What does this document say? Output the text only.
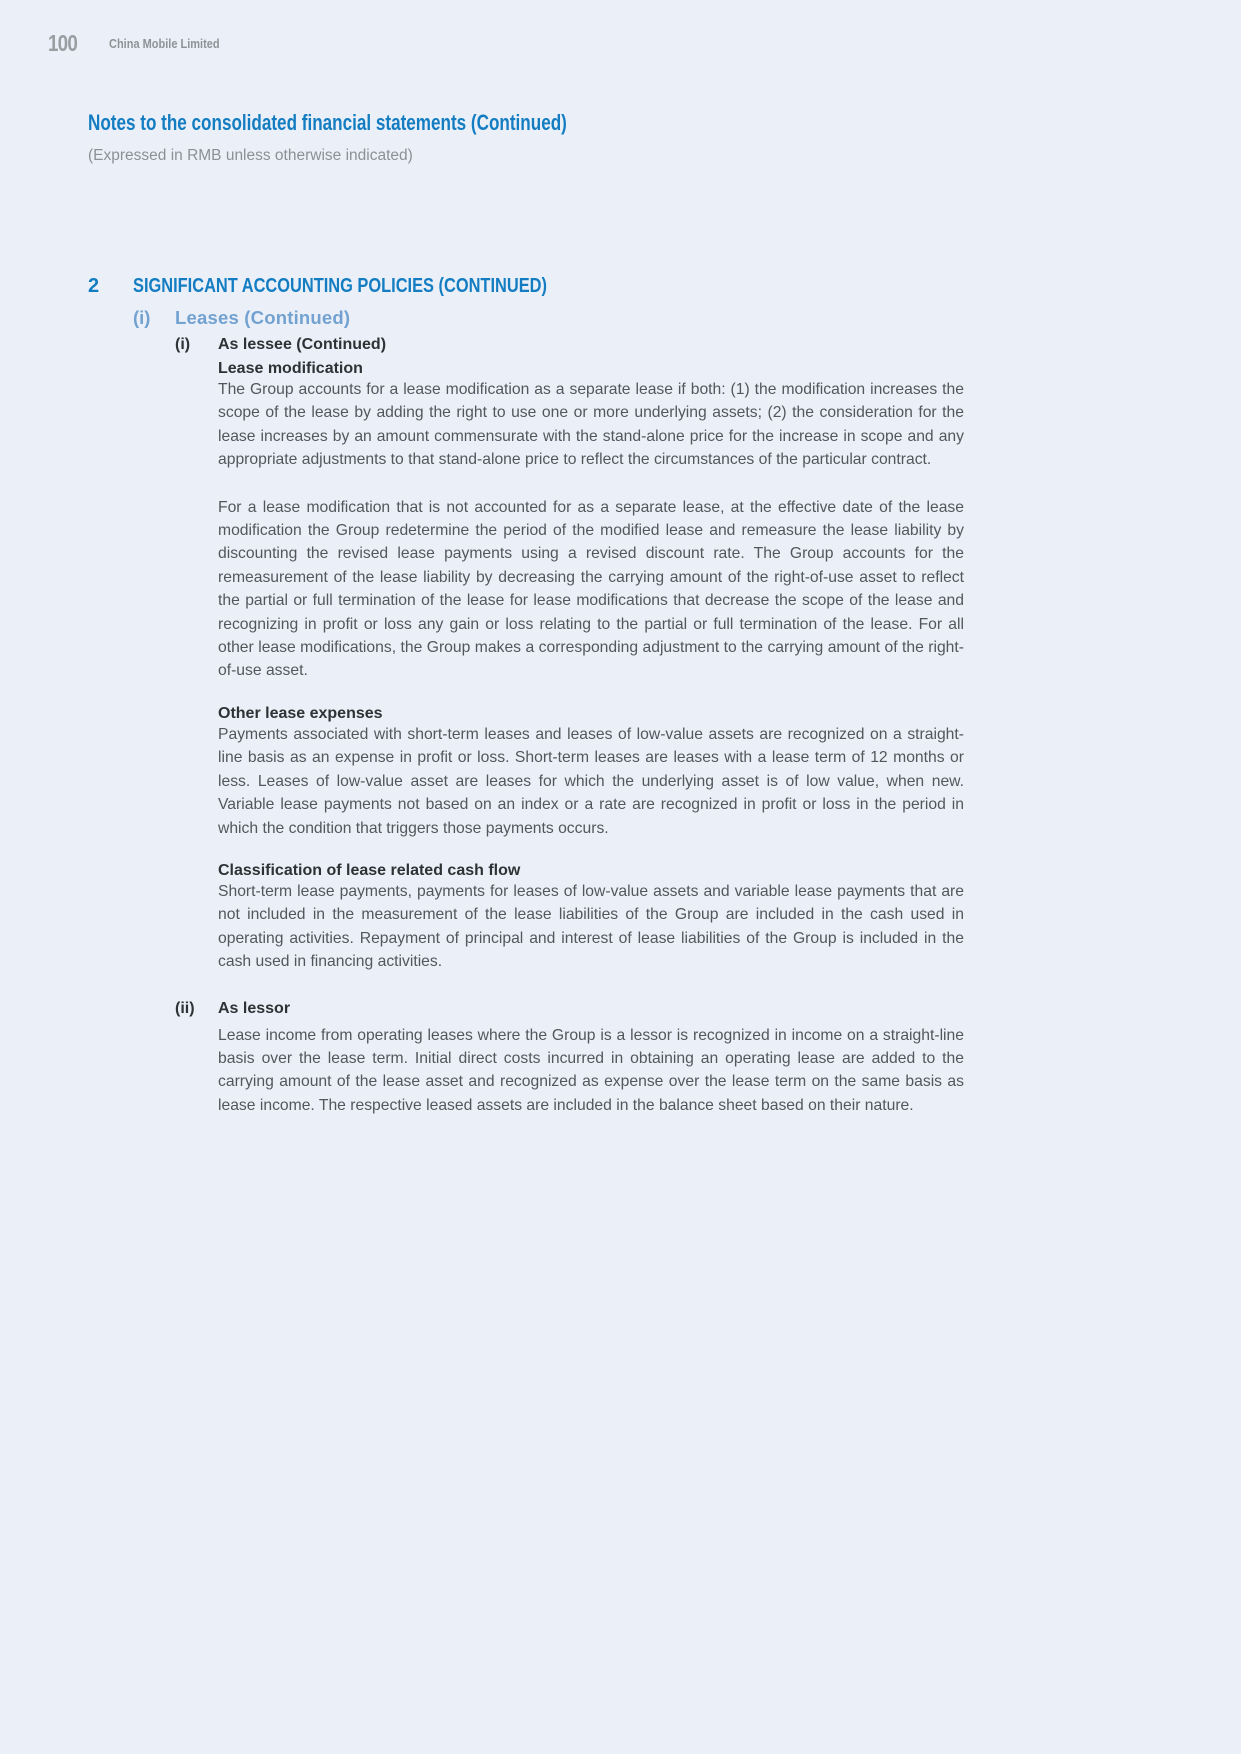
100	China Mobile Limited
Notes to the consolidated financial statements (Continued)
(Expressed in RMB unless otherwise indicated)
2	SIGNIFICANT ACCOUNTING POLICIES (CONTINUED)
(i)	Leases (Continued)
(i)	As lessee (Continued)
Lease modification

The Group accounts for a lease modification as a separate lease if both: (1) the modification increases the scope of the lease by adding the right to use one or more underlying assets; (2) the consideration for the lease increases by an amount commensurate with the stand-alone price for the increase in scope and any appropriate adjustments to that stand-alone price to reflect the circumstances of the particular contract.

For a lease modification that is not accounted for as a separate lease, at the effective date of the lease modification the Group redetermine the period of the modified lease and remeasure the lease liability by discounting the revised lease payments using a revised discount rate. The Group accounts for the remeasurement of the lease liability by decreasing the carrying amount of the right-of-use asset to reflect the partial or full termination of the lease for lease modifications that decrease the scope of the lease and recognizing in profit or loss any gain or loss relating to the partial or full termination of the lease. For all other lease modifications, the Group makes a corresponding adjustment to the carrying amount of the right-of-use asset.

Other lease expenses

Payments associated with short-term leases and leases of low-value assets are recognized on a straight-line basis as an expense in profit or loss. Short-term leases are leases with a lease term of 12 months or less. Leases of low-value asset are leases for which the underlying asset is of low value, when new. Variable lease payments not based on an index or a rate are recognized in profit or loss in the period in which the condition that triggers those payments occurs.

Classification of lease related cash flow

Short-term lease payments, payments for leases of low-value assets and variable lease payments that are not included in the measurement of the lease liabilities of the Group are included in the cash used in operating activities. Repayment of principal and interest of lease liabilities of the Group is included in the cash used in financing activities.

(ii)	As lessor

Lease income from operating leases where the Group is a lessor is recognized in income on a straight-line basis over the lease term. Initial direct costs incurred in obtaining an operating lease are added to the carrying amount of the lease asset and recognized as expense over the lease term on the same basis as lease income. The respective leased assets are included in the balance sheet based on their nature.
